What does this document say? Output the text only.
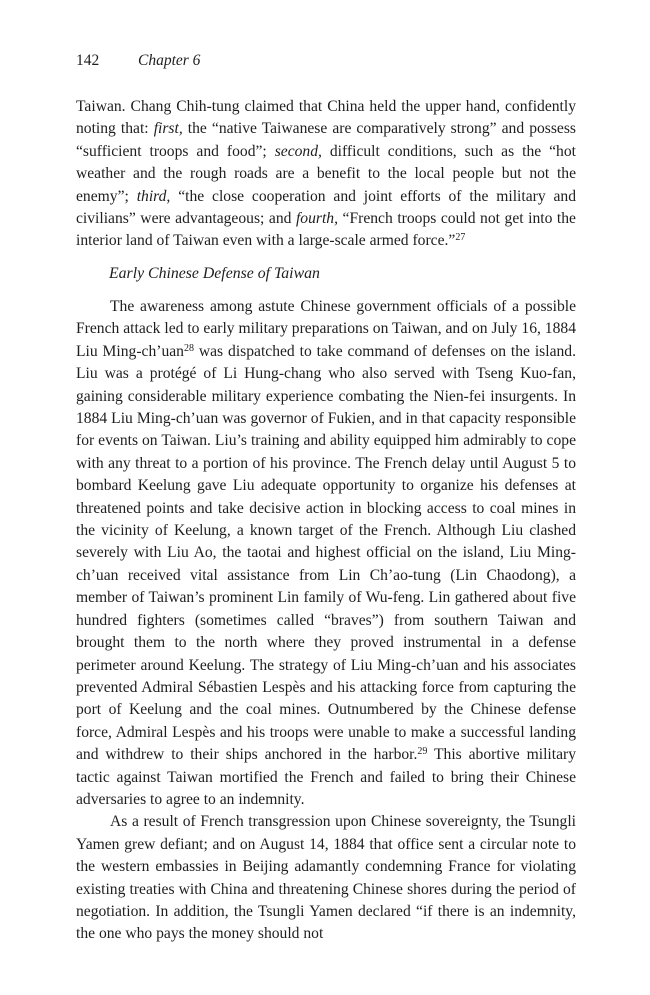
142	Chapter 6

Taiwan. Chang Chih-tung claimed that China held the upper hand, confidently noting that: first, the “native Taiwanese are comparatively strong” and possess “sufficient troops and food”; second, difficult conditions, such as the “hot weather and the rough roads are a benefit to the local people but not the enemy”; third, “the close cooperation and joint efforts of the military and civilians” were advantageous; and fourth, “French troops could not get into the interior land of Taiwan even with a large-scale armed force.”$^{27}$

Early Chinese Defense of Taiwan

The awareness among astute Chinese government officials of a possible French attack led to early military preparations on Taiwan, and on July 16, 1884 Liu Ming-ch’uan$^{28}$ was dispatched to take command of defenses on the island. Liu was a protégé of Li Hung-chang who also served with Tseng Kuo-fan, gaining considerable military experience combating the Nien-fei insurgents. In 1884 Liu Ming-ch’uan was governor of Fukien, and in that capacity responsible for events on Taiwan. Liu’s training and ability equipped him admirably to cope with any threat to a portion of his province. The French delay until August 5 to bombard Keelung gave Liu adequate opportunity to organize his defenses at threatened points and take decisive action in blocking access to coal mines in the vicinity of Keelung, a known target of the French. Although Liu clashed severely with Liu Ao, the taotai and highest official on the island, Liu Ming-ch’uan received vital assistance from Lin Ch’ao-tung (Lin Chaodong), a member of Taiwan’s prominent Lin family of Wu-feng. Lin gathered about five hundred fighters (sometimes called “braves”) from southern Taiwan and brought them to the north where they proved instrumental in a defense perimeter around Keelung. The strategy of Liu Ming-ch’uan and his associates prevented Admiral Sébastien Lespès and his attacking force from capturing the port of Keelung and the coal mines. Outnumbered by the Chinese defense force, Admiral Lespès and his troops were unable to make a successful landing and withdrew to their ships anchored in the harbor.$^{29}$ This abortive military tactic against Taiwan mortified the French and failed to bring their Chinese adversaries to agree to an indemnity.

As a result of French transgression upon Chinese sovereignty, the Tsungli Yamen grew defiant; and on August 14, 1884 that office sent a circular note to the western embassies in Beijing adamantly condemning France for violating existing treaties with China and threatening Chinese shores during the period of negotiation. In addition, the Tsungli Yamen declared “if there is an indemnity, the one who pays the money should not
